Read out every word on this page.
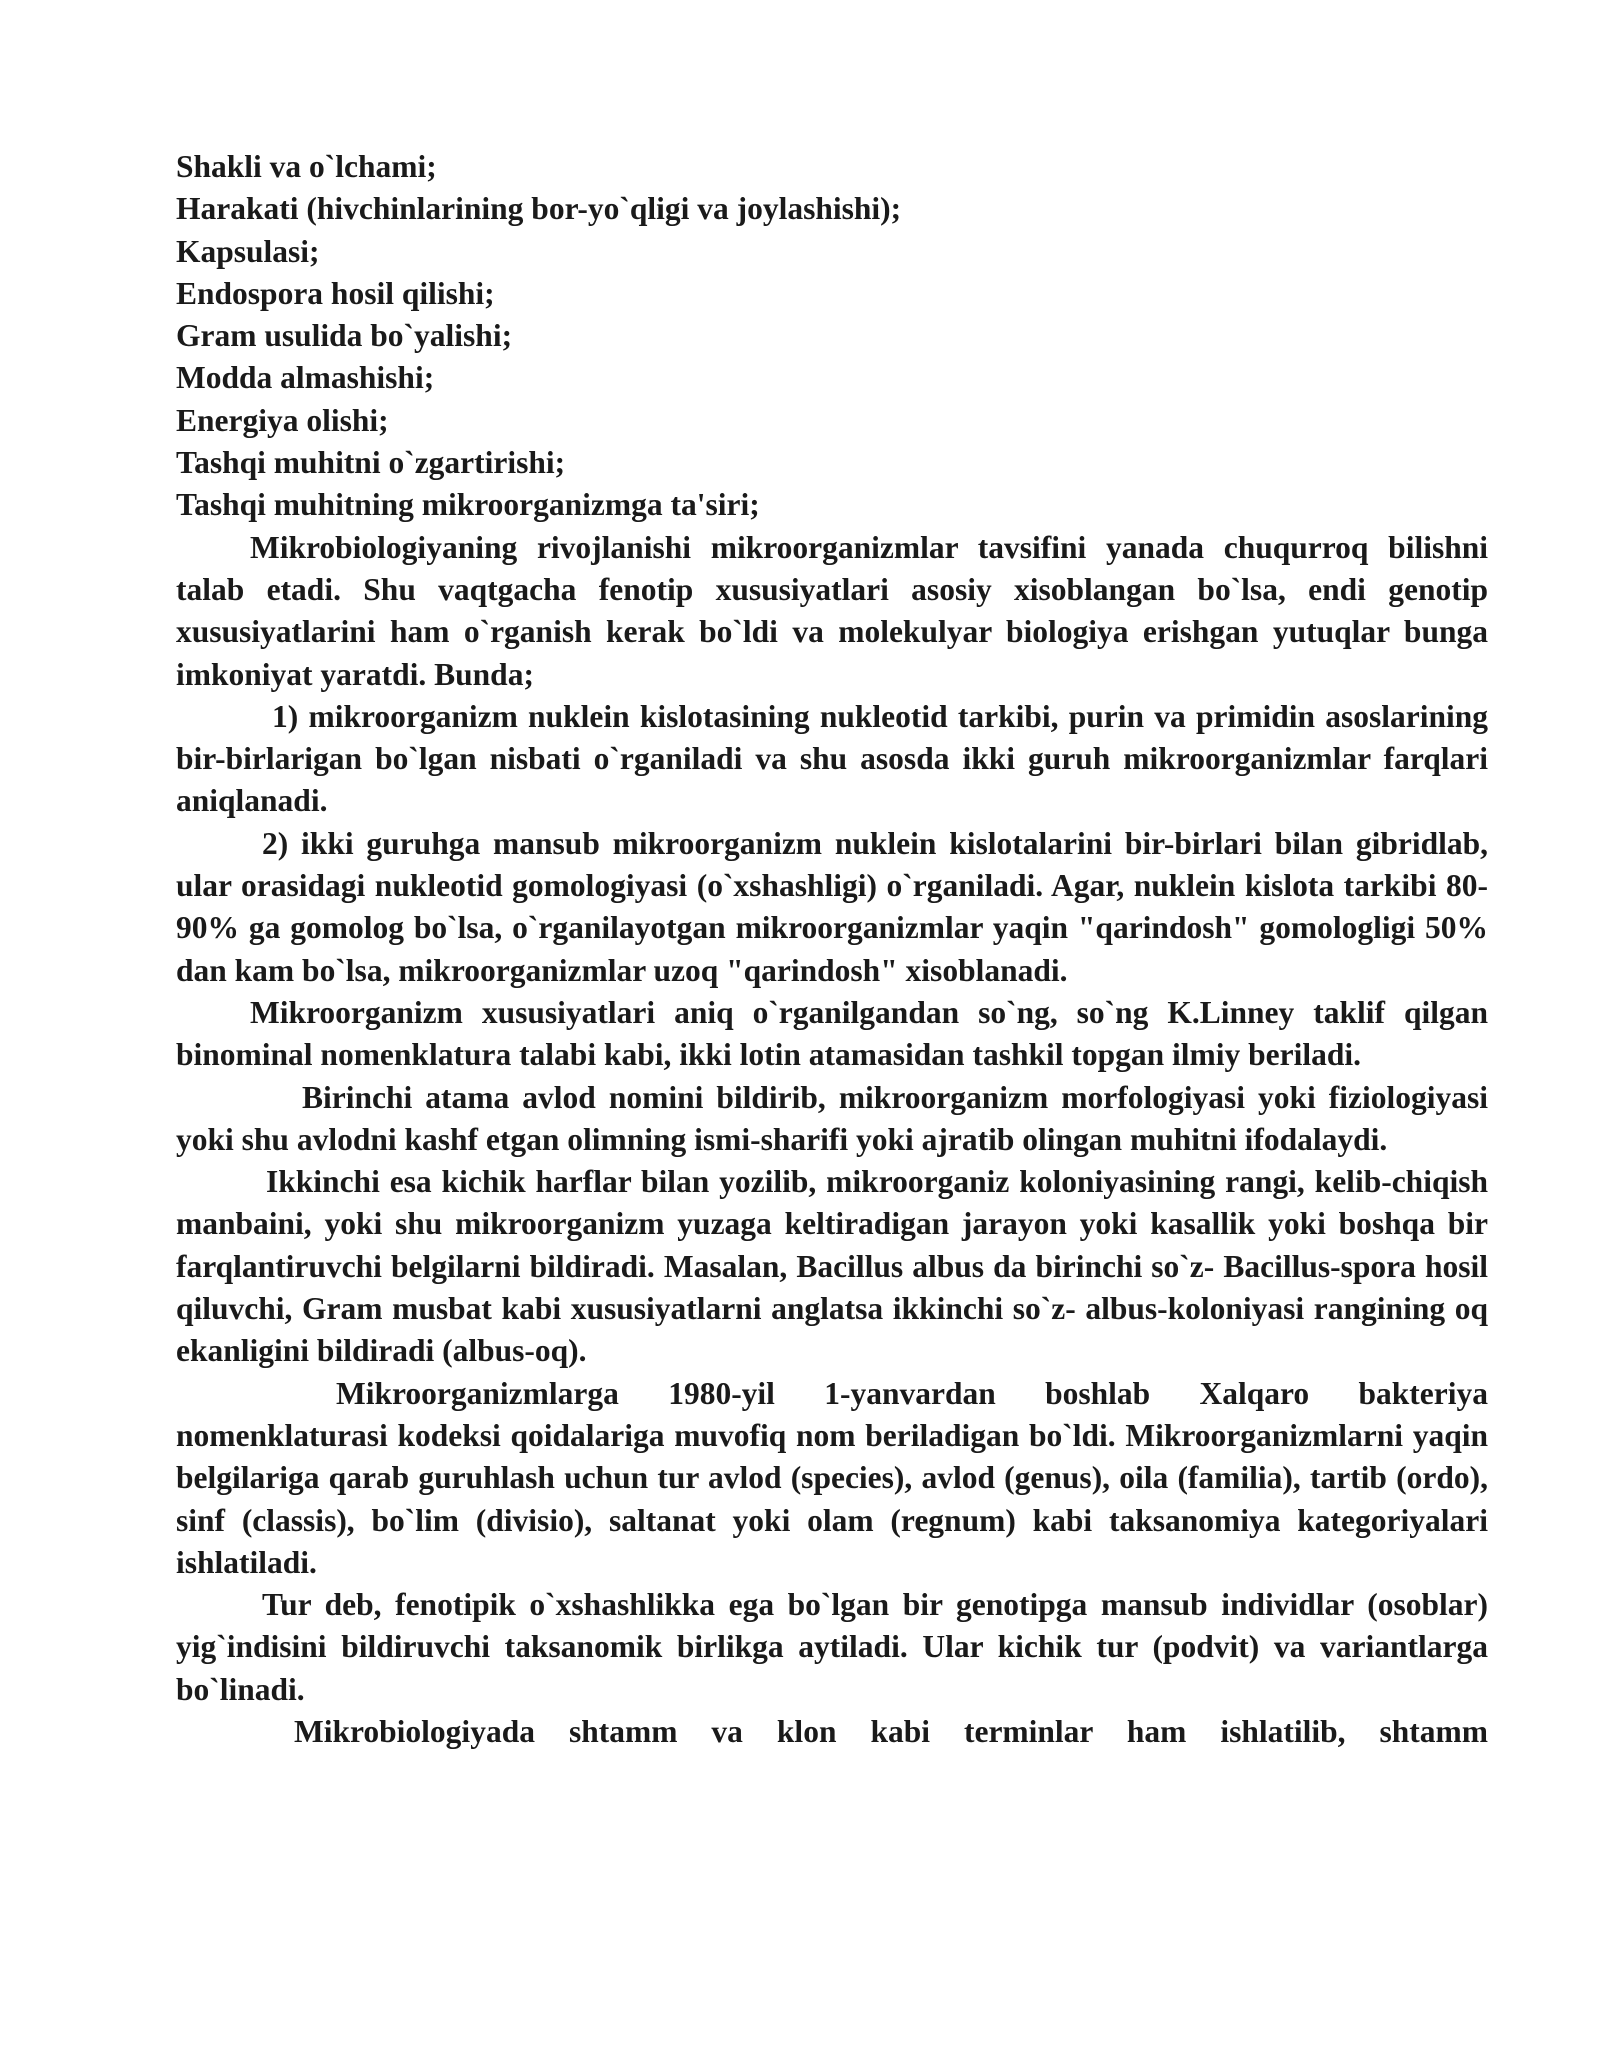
Shakli va o`lchami;
Harakati (hivchinlarining bor-yo`qligi va joylashishi);
Kapsulasi;
Endospora hosil qilishi;
Gram usulida bo`yalishi;
Modda almashishi;
Energiya olishi;
Tashqi muhitni o`zgartirishi;
Tashqi muhitning mikroorganizmga ta'siri;

Mikrobiologiyaning rivojlanishi mikroorganizmlar tavsifini yanada chuqurroq bilishni talab etadi. Shu vaqtgacha fenotip xususiyatlari asosiy xisoblangan bo`lsa, endi genotip xususiyatlarini ham o`rganish kerak bo`ldi va molekulyar biologiya erishgan yutuqlar bunga imkoniyat yaratdi. Bunda;

1) mikroorganizm nuklein kislotasining nukleotid tarkibi, purin va primidin asoslarining bir-birlarigan bo`lgan nisbati o`rganiladi va shu asosda ikki guruh mikroorganizmlar farqlari aniqlanadi.

2) ikki guruhga mansub mikroorganizm nuklein kislotalarini bir-birlari bilan gibridlab, ular orasidagi nukleotid gomologiyasi (o`xshashligi) o`rganiladi. Agar, nuklein kislota tarkibi 80-90% ga gomolog bo`lsa, o`rganilayotgan mikroorganizmlar yaqin "qarindosh" gomologligi 50% dan kam bo`lsa, mikroorganizmlar uzoq "qarindosh" xisoblanadi.

Mikroorganizm xususiyatlari aniq o`rganilgandan so`ng, so`ng K.Linney taklif qilgan binominal nomenklatura talabi kabi, ikki lotin atamasidan tashkil topgan ilmiy beriladi.

Birinchi atama avlod nomini bildirib, mikroorganizm morfologiyasi yoki fiziologiyasi yoki shu avlodni kashf etgan olimning ismi-sharifi yoki ajratib olingan muhitni ifodalaydi.

Ikkinchi esa kichik harflar bilan yozilib, mikroorganiz koloniyasining rangi, kelib-chiqish manbaini, yoki shu mikroorganizm yuzaga keltiradigan jarayon yoki kasallik yoki boshqa bir farqlantiruvchi belgilarni bildiradi. Masalan, Bacillus albus da birinchi so`z- Bacillus-spora hosil qiluvchi, Gram musbat kabi xususiyatlarni anglatsa ikkinchi so`z- albus-koloniyasi rangining oq ekanligini bildiradi (albus-oq).

Mikroorganizmlarga 1980-yil 1-yanvardan boshlab Xalqaro bakteriya nomenklaturasi kodeksi qoidalariga muvofiq nom beriladigan bo`ldi. Mikroorganizmlarni yaqin belgilariga qarab guruhlash uchun tur avlod (species), avlod (genus), oila (familia), tartib (ordo), sinf (classis), bo`lim (divisio), saltanat yoki olam (regnum) kabi taksanomiya kategoriyalari ishlatiladi.

Tur deb, fenotipik o`xshashlikka ega bo`lgan bir genotipga mansub individlar (osoblar) yig`indisini bildiruvchi taksanomik birlikga aytiladi. Ular kichik tur (podvit) va variantlarga bo`linadi.

Mikrobiologiyada shtamm va klon kabi terminlar ham ishlatilib, shtamm
